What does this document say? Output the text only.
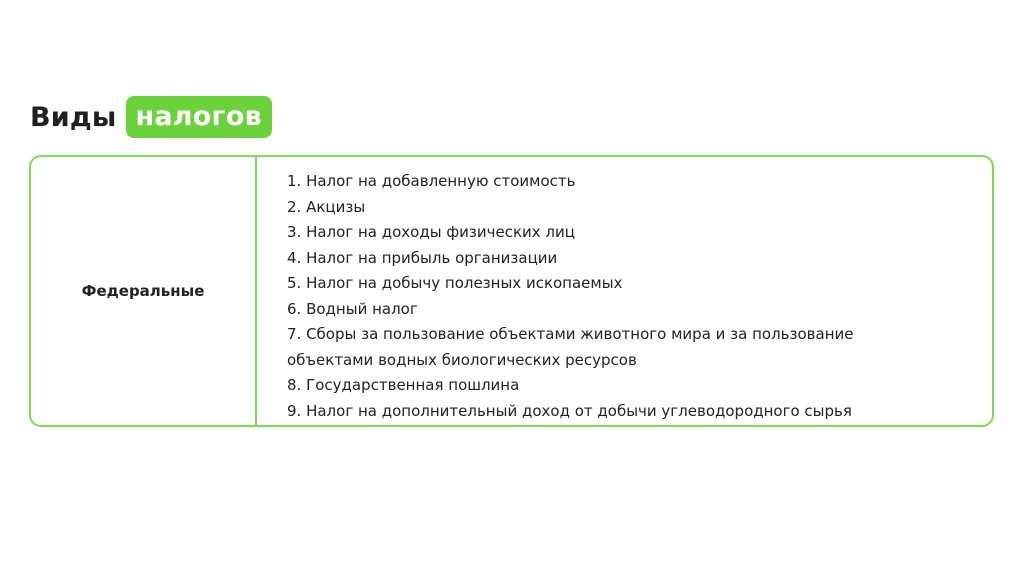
Виды налогов
Федеральные
1. Налог на добавленную стоимость
2. Акцизы
3. Налог на доходы физических лиц
4. Налог на прибыль организации
5. Налог на добычу полезных ископаемых
6. Водный налог
7. Сборы за пользование объектами животного мира и за пользование
объектами водных биологических ресурсов
8. Государственная пошлина
9. Налог на дополнительный доход от добычи углеводородного сырья
